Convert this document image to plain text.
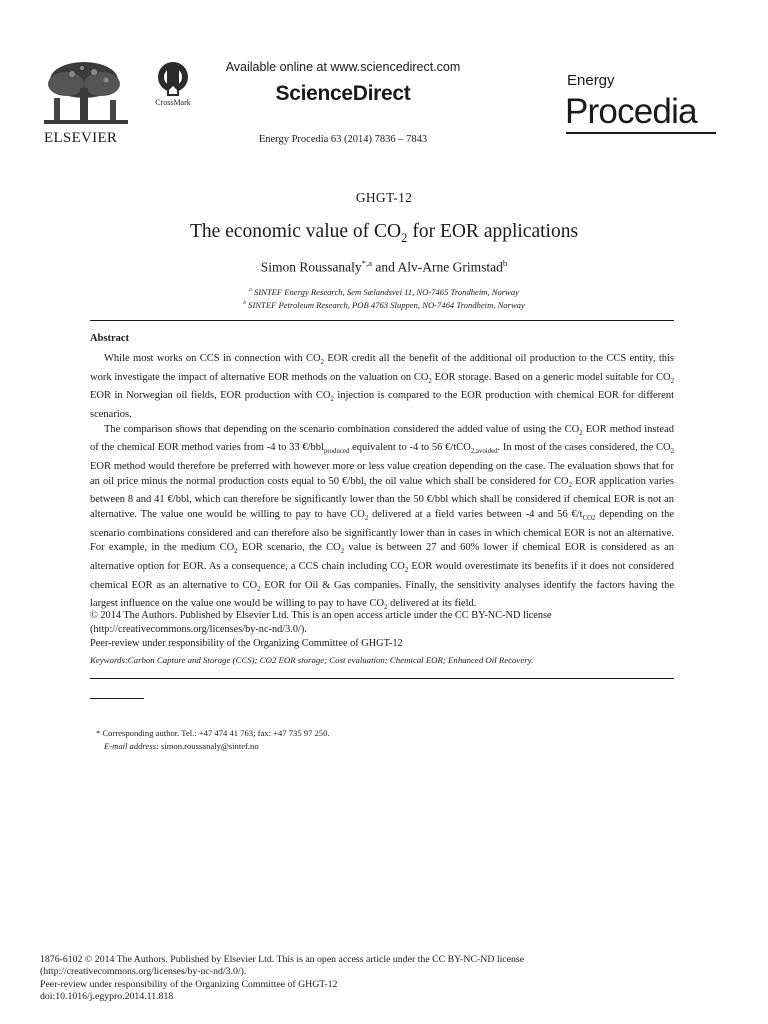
ELSEVIER
CrossMark
Available online at www.sciencedirect.com
ScienceDirect
Energy Procedia 63 (2014) 7836 – 7843
Energy
Procedia
GHGT-12
The economic value of $CO_2$ for EOR applications
Simon Roussanaly$^{*,a}$ and Alv-Arne Grimstad$^b$
$^a$ SINTEF Energy Research, Sem Sælandsvei 11, NO-7465 Trondheim, Norway
$^b$ SINTEF Petroleum Research, POB 4763 Sluppen, NO-7464 Trondheim, Norway
Abstract

While most works on CCS in connection with $CO_2$ EOR credit all the benefit of the additional oil production to the CCS entity, this work investigate the impact of alternative EOR methods on the valuation on $CO_2$ EOR storage. Based on a generic model suitable for $CO_2$ EOR in Norwegian oil fields, EOR production with $CO_2$ injection is compared to the EOR production with chemical EOR for different scenarios.

The comparison shows that depending on the scenario combination considered the added value of using the $CO_2$ EOR method instead of the chemical EOR method varies from -4 to 33 €/bbl$_{produced}$ equivalent to -4 to 56 €/tCO$_{2,avoided}$. In most of the cases considered, the $CO_2$ EOR method would therefore be preferred with however more or less value creation depending on the case. The evaluation shows that for an oil price minus the normal production costs equal to 50 €/bbl, the oil value which shall be considered for $CO_2$ EOR application varies between 8 and 41 €/bbl, which can therefore be significantly lower than the 50 €/bbl which shall be considered if chemical EOR is not an alternative. The value one would be willing to pay to have $CO_2$ delivered at a field varies between -4 and 56 $€/t_{CO2}$ depending on the scenario combinations considered and can therefore also be significantly lower than in cases in which chemical EOR is not an alternative. For example, in the medium $CO_2$ EOR scenario, the $CO_2$ value is between 27 and 60% lower if chemical EOR is considered as an alternative option for EOR. As a consequence, a CCS chain including $CO_2$ EOR would overestimate its benefits if it does not considered chemical EOR as an alternative to $CO_2$ EOR for Oil & Gas companies. Finally, the sensitivity analyses identify the factors having the largest influence on the value one would be willing to pay to have $CO_2$ delivered at its field.

© 2014 The Authors. Published by Elsevier Ltd. This is an open access article under the CC BY-NC-ND license
(http://creativecommons.org/licenses/by-nc-nd/3.0/).
Peer-review under responsibility of the Organizing Committee of GHGT-12
Keywords:Carbon Capture and Storage (CCS); CO2 EOR storage; Cost evaluation; Chemical EOR; Enhanced Oil Recovery.
* Corresponding author. Tel.: +47 474 41 763; fax: +47 735 97 250.
E-mail address: simon.roussanaly@sintef.no
1876-6102 © 2014 The Authors. Published by Elsevier Ltd. This is an open access article under the CC BY-NC-ND license
(http://creativecommons.org/licenses/by-nc-nd/3.0/).
Peer-review under responsibility of the Organizing Committee of GHGT-12
doi:10.1016/j.egypro.2014.11.818
